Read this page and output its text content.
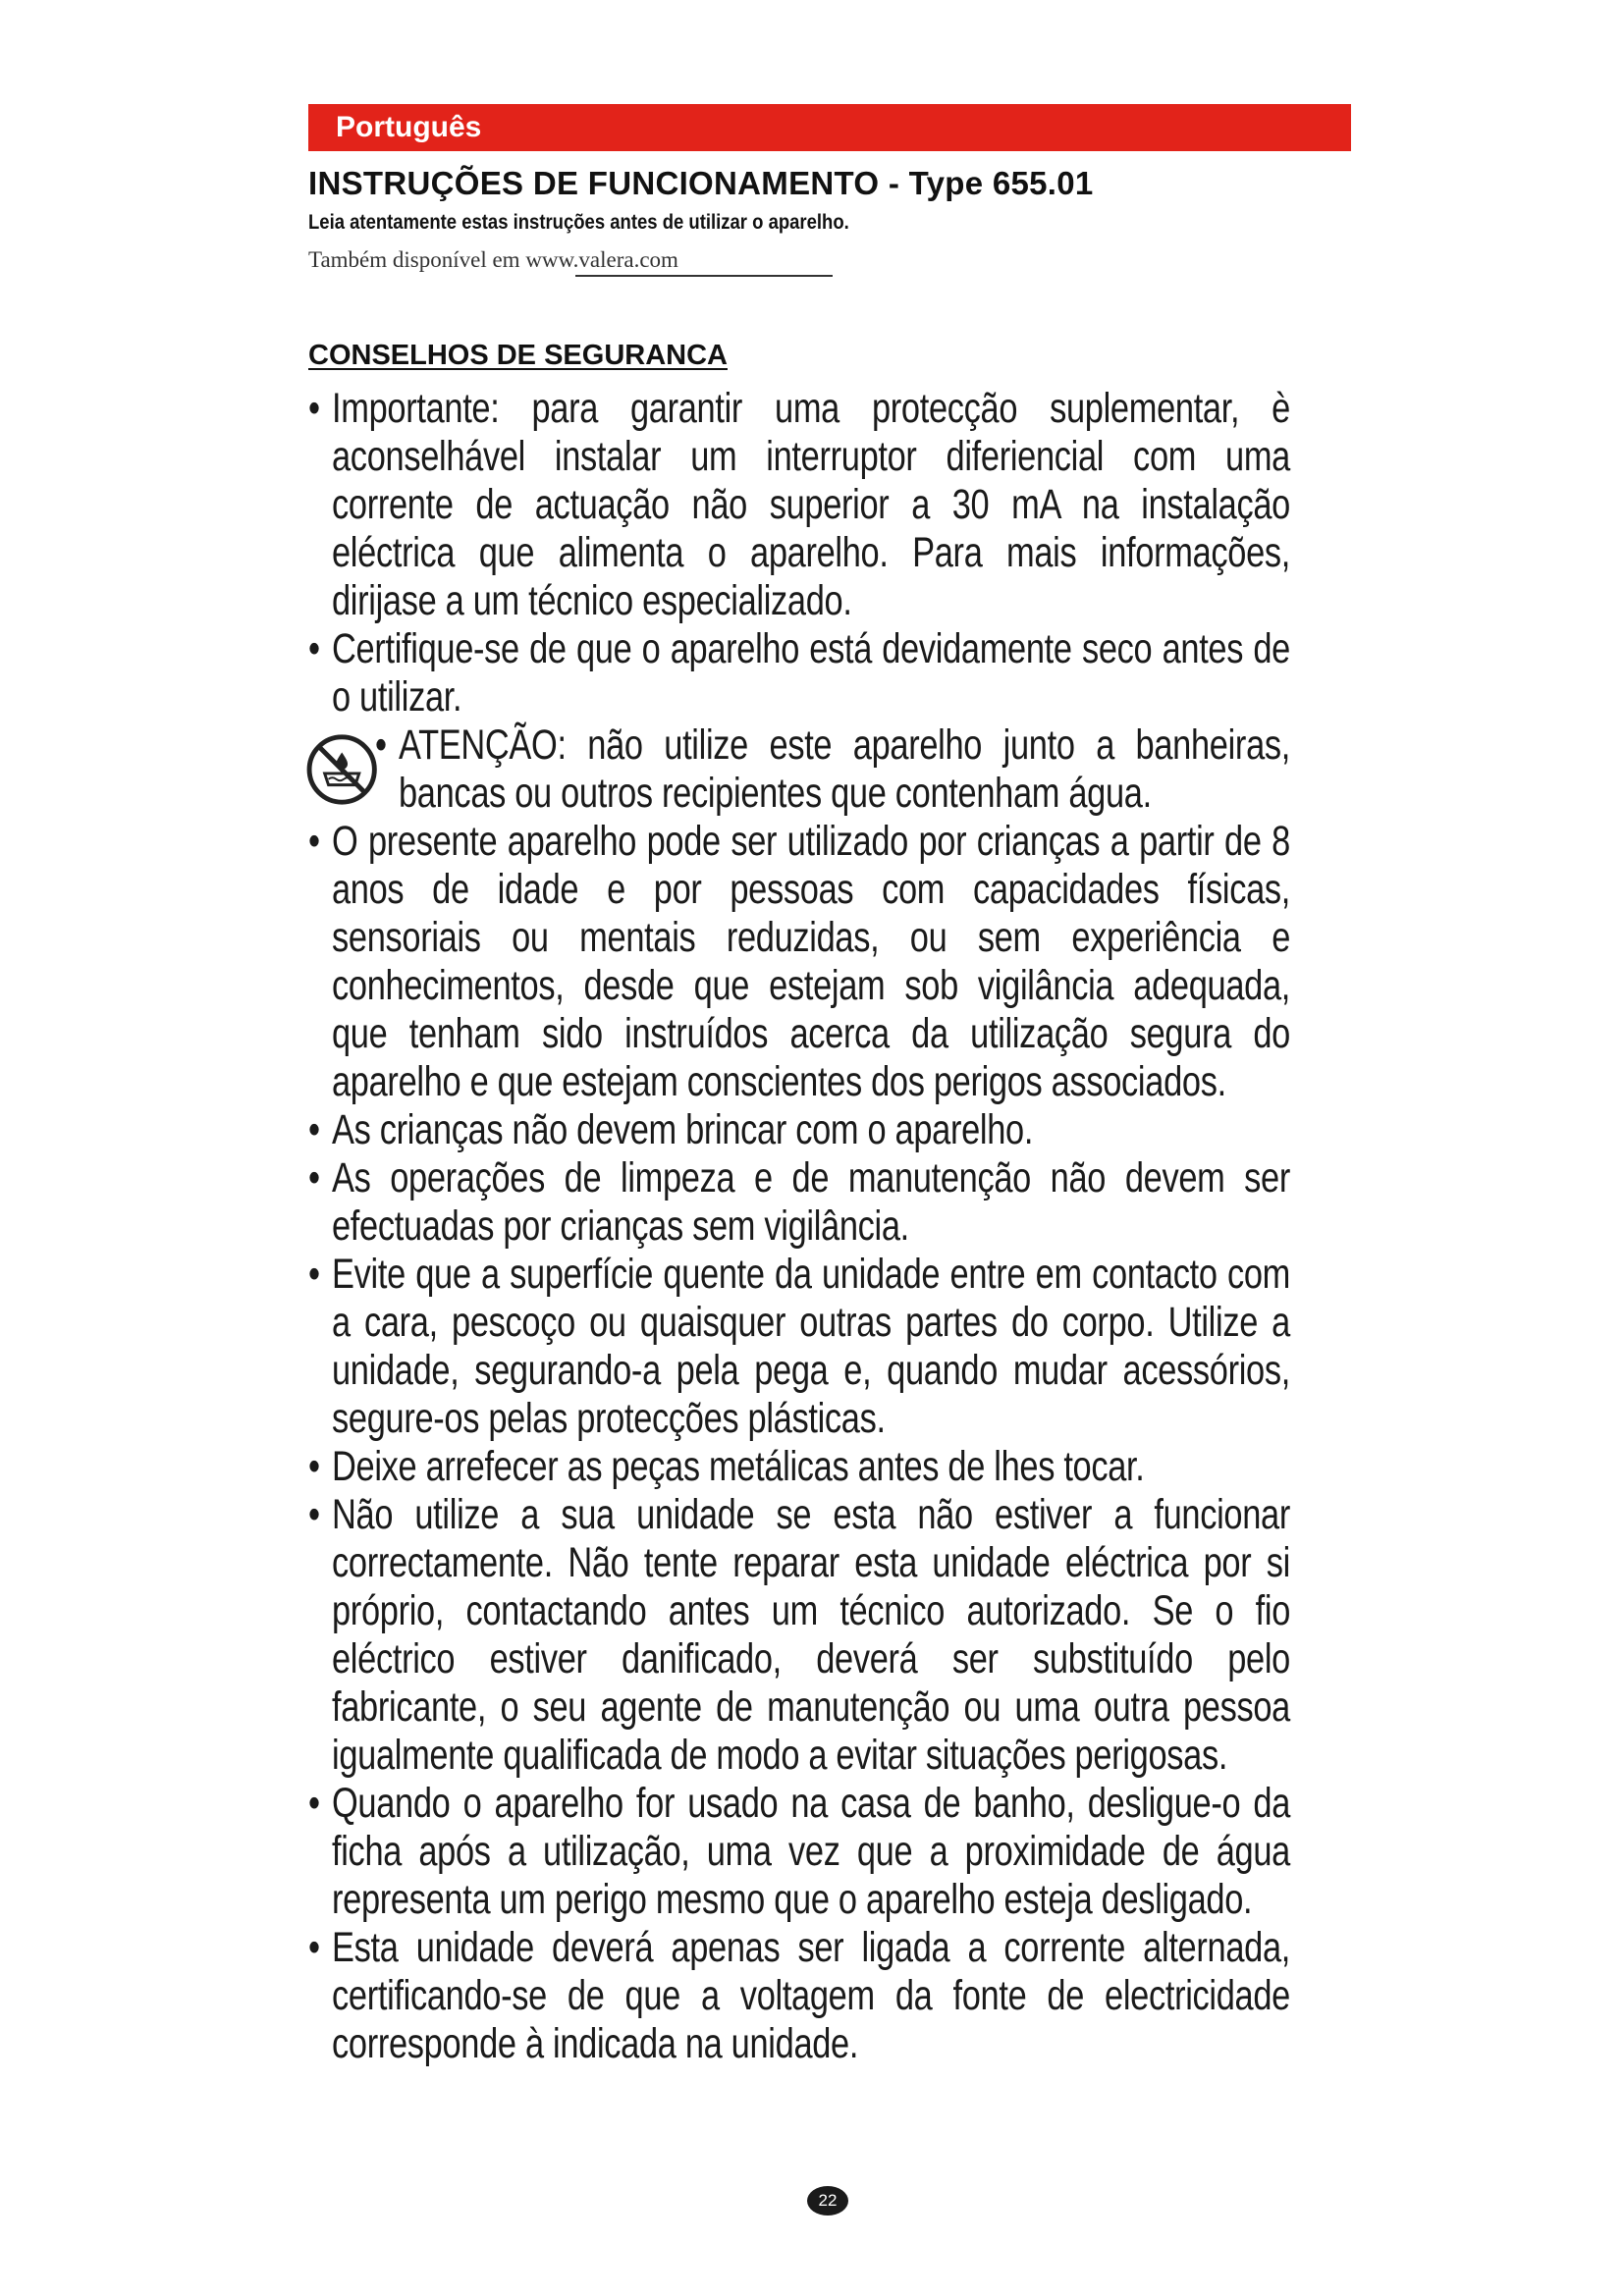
Português
INSTRUÇÕES DE FUNCIONAMENTO - Type 655.01
Leia atentamente estas instruções antes de utilizar o aparelho.
Também disponível em www.valera.com
CONSELHOS DE SEGURANCA
• Importante: para garantir uma protecção suplementar, è aconselhável instalar um interruptor diferiencial com uma corrente de actuação não superior a 30 mA na instalação eléctrica que alimenta o aparelho. Para mais informações, dirijase a um técnico especializado.
• Certifique-se de que o aparelho está devidamente seco antes de o utilizar.
• ATENÇÃO: não utilize este aparelho junto a banheiras, bancas ou outros recipientes que contenham água.
• O presente aparelho pode ser utilizado por crianças a partir de 8 anos de idade e por pessoas com capacidades físicas, sensoriais ou mentais reduzidas, ou sem experiência e conhecimentos, desde que estejam sob vigilância adequada, que tenham sido instruídos acerca da utilização segura do aparelho e que estejam conscientes dos perigos associados.
• As crianças não devem brincar com o aparelho.
• As operações de limpeza e de manutenção não devem ser efectuadas por crianças sem vigilância.
• Evite que a superfície quente da unidade entre em contacto com a cara, pescoço ou quaisquer outras partes do corpo. Utilize a unidade, segurando-a pela pega e, quando mudar acessórios, segure-os pelas protecções plásticas.
• Deixe arrefecer as peças metálicas antes de lhes tocar.
• Não utilize a sua unidade se esta não estiver a funcionar correctamente. Não tente reparar esta unidade eléctrica por si próprio, contactando antes um técnico autorizado. Se o fio eléctrico estiver danificado, deverá ser substituído pelo fabricante, o seu agente de manutenção ou uma outra pessoa igualmente qualificada de modo a evitar situações perigosas.
• Quando o aparelho for usado na casa de banho, desligue-o da ficha após a utilização, uma vez que a proximidade de água representa um perigo mesmo que o aparelho esteja desligado.
• Esta unidade deverá apenas ser ligada a corrente alternada, certificando-se de que a voltagem da fonte de electricidade corresponde à indicada na unidade.
22
